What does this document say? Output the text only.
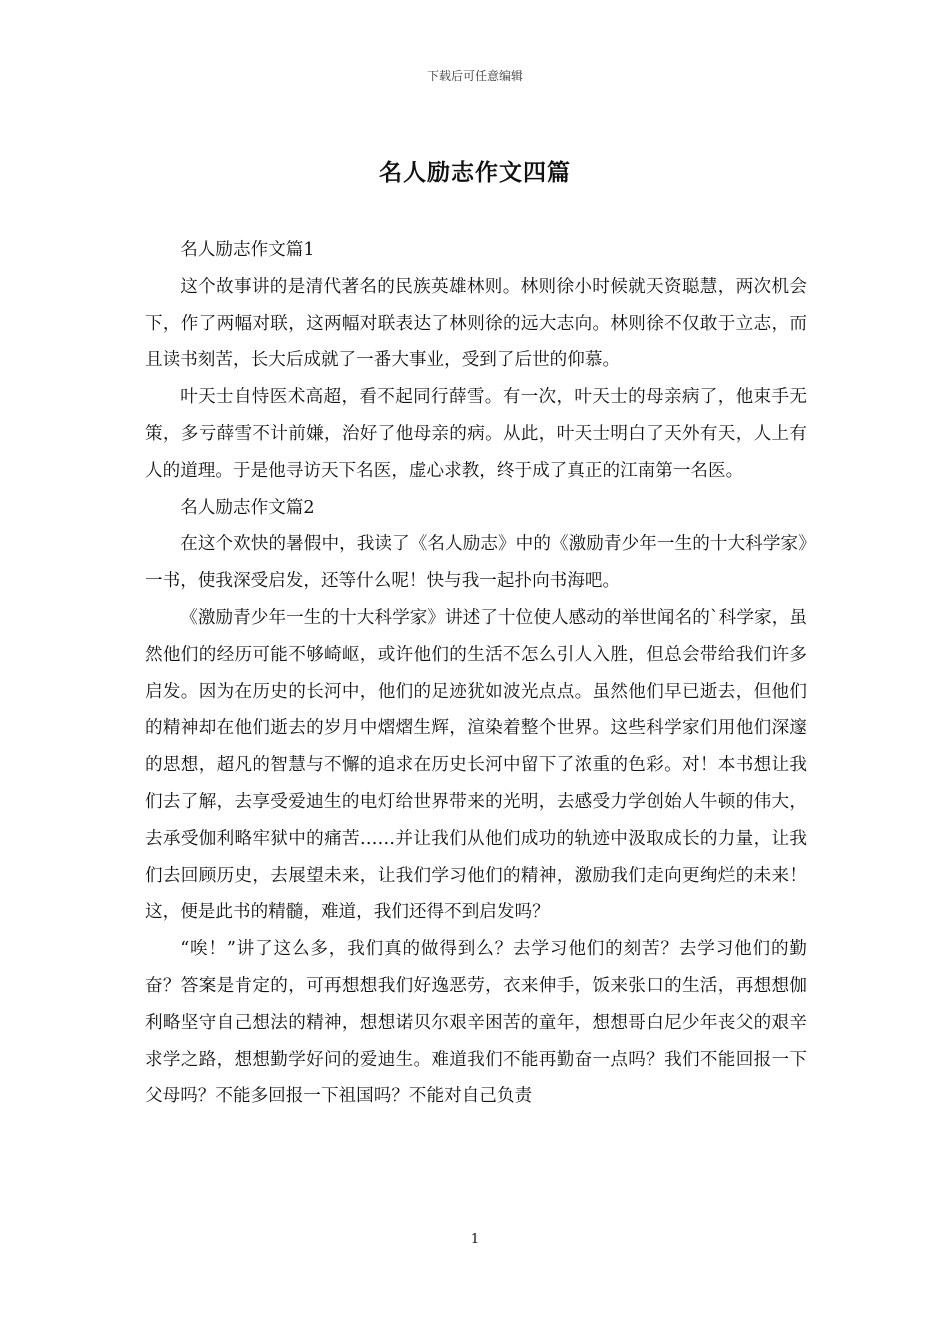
下载后可任意编辑
名人励志作文四篇

名人励志作文篇1

这个故事讲的是清代著名的民族英雄林则。林则徐小时候就天资聪慧，两次机会下，作了两幅对联，这两幅对联表达了林则徐的远大志向。林则徐不仅敢于立志，而且读书刻苦，长大后成就了一番大事业，受到了后世的仰慕。

叶天士自恃医术高超，看不起同行薛雪。有一次，叶天士的母亲病了，他束手无策，多亏薛雪不计前嫌，治好了他母亲的病。从此，叶天士明白了天外有天，人上有人的道理。于是他寻访天下名医，虚心求教，终于成了真正的江南第一名医。

名人励志作文篇2

在这个欢快的暑假中，我读了《名人励志》中的《激励青少年一生的十大科学家》一书，使我深受启发，还等什么呢！快与我一起扑向书海吧。

《激励青少年一生的十大科学家》讲述了十位使人感动的举世闻名的`科学家，虽然他们的经历可能不够崎岖，或许他们的生活不怎么引人入胜，但总会带给我们许多启发。因为在历史的长河中，他们的足迹犹如波光点点。虽然他们早已逝去，但他们的精神却在他们逝去的岁月中熠熠生辉，渲染着整个世界。这些科学家们用他们深邃的思想，超凡的智慧与不懈的追求在历史长河中留下了浓重的色彩。对！本书想让我们去了解，去享受爱迪生的电灯给世界带来的光明，去感受力学创始人牛顿的伟大，去承受伽利略牢狱中的痛苦……并让我们从他们成功的轨迹中汲取成长的力量，让我们去回顾历史，去展望未来，让我们学习他们的精神，激励我们走向更绚烂的未来！这，便是此书的精髓，难道，我们还得不到启发吗？

“唉！”讲了这么多，我们真的做得到么？去学习他们的刻苦？去学习他们的勤奋？答案是肯定的，可再想想我们好逸恶劳，衣来伸手，饭来张口的生活，再想想伽利略坚守自己想法的精神，想想诺贝尔艰辛困苦的童年，想想哥白尼少年丧父的艰辛求学之路，想想勤学好问的爱迪生。难道我们不能再勤奋一点吗？我们不能回报一下父母吗？不能多回报一下祖国吗？不能对自己负责

1
